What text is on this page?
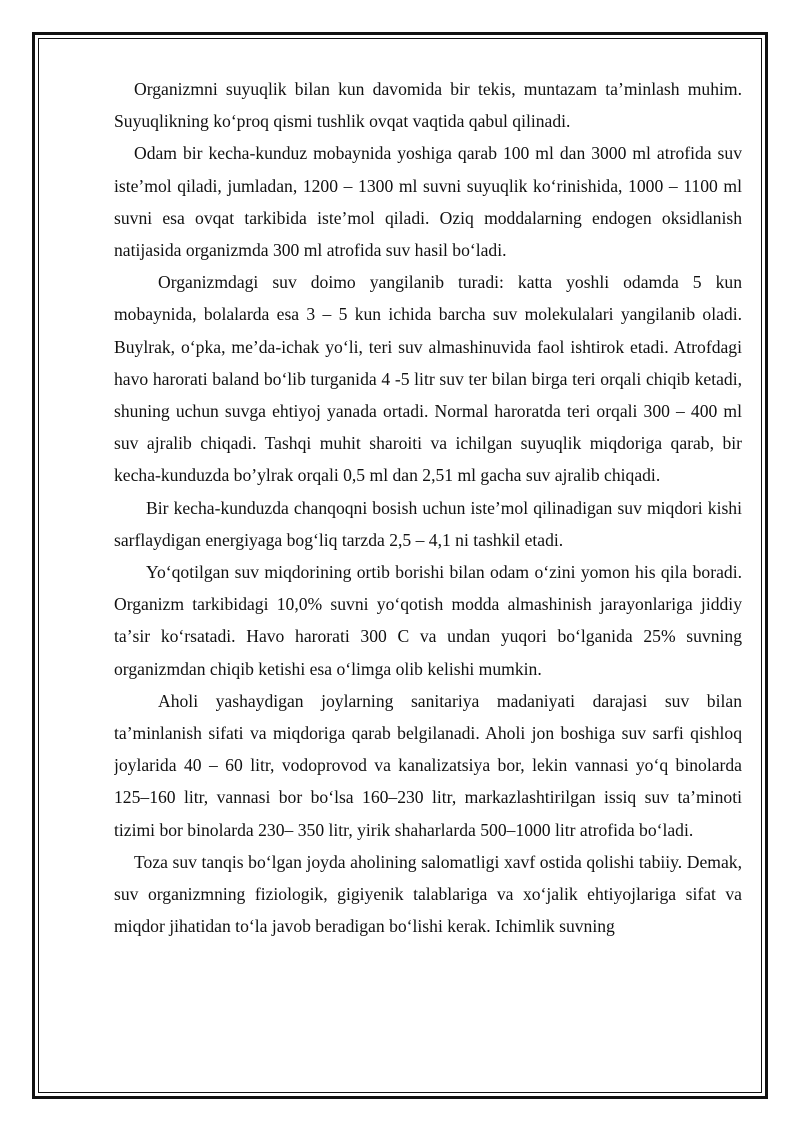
Organizmni suyuqlik bilan kun davomida bir tekis, muntazam taʼminlash muhim. Suyuqlikning koʻproq qismi tushlik ovqat vaqtida qabul qilinadi.

Odam bir kecha-kunduz mobaynida yoshiga qarab 100 ml dan 3000 ml atrofida suv isteʼmol qiladi, jumladan, 1200 – 1300 ml suvni suyuqlik koʻrinishida, 1000 – 1100 ml suvni esa ovqat tarkibida isteʼmol qiladi. Oziq moddalarning endogen oksidlanish natijasida organizmda 300 ml atrofida suv hasil boʻladi.

Organizmdagi suv doimo yangilanib turadi: katta yoshli odamda 5 kun mobaynida, bolalarda esa 3 – 5 kun ichida barcha suv molekulalari yangilanib oladi. Buylrak, oʻpka, meʼda-ichak yoʻli, teri suv almashinuvida faol ishtirok etadi. Atrofdagi havo harorati baland boʻlib turganida 4 -5 litr suv ter bilan birga teri orqali chiqib ketadi, shuning uchun suvga ehtiyoj yanada ortadi. Normal haroratda teri orqali 300 – 400 ml suv ajralib chiqadi. Tashqi muhit sharoiti va ichilgan suyuqlik miqdoriga qarab, bir kecha-kunduzda boʼylrak orqali 0,5 ml dan 2,51 ml gacha suv ajralib chiqadi.

Bir kecha-kunduzda chanqoqni bosish uchun isteʼmol qilinadigan suv miqdori kishi sarflaydigan energiyaga bogʻliq tarzda 2,5 – 4,1 ni tashkil etadi.

Yoʻqotilgan suv miqdorining ortib borishi bilan odam oʻzini yomon his qila boradi. Organizm tarkibidagi 10,0% suvni yoʻqotish modda almashinish jarayonlariga jiddiy taʼsir koʻrsatadi. Havo harorati 300 C va undan yuqori boʻlganida 25% suvning organizmdan chiqib ketishi esa oʻlimga olib kelishi mumkin.

Aholi yashaydigan joylarning sanitariya madaniyati darajasi suv bilan taʼminlanish sifati va miqdoriga qarab belgilanadi. Aholi jon boshiga suv sarfi qishloq joylarida 40 – 60 litr, vodoprovod va kanalizatsiya bor, lekin vannasi yoʻq binolarda 125–160 litr, vannasi bor boʻlsa 160–230 litr, markazlashtirilgan issiq suv taʼminoti tizimi bor binolarda 230– 350 litr, yirik shaharlarda 500–1000 litr atrofida boʻladi.

Toza suv tanqis boʻlgan joyda aholining salomatligi xavf ostida qolishi tabiiy. Demak, suv organizmning fiziologik, gigiyenik talablariga va xoʻjalik ehtiyojlariga sifat va miqdor jihatidan toʻla javob beradigan boʻlishi kerak. Ichimlik suvning
